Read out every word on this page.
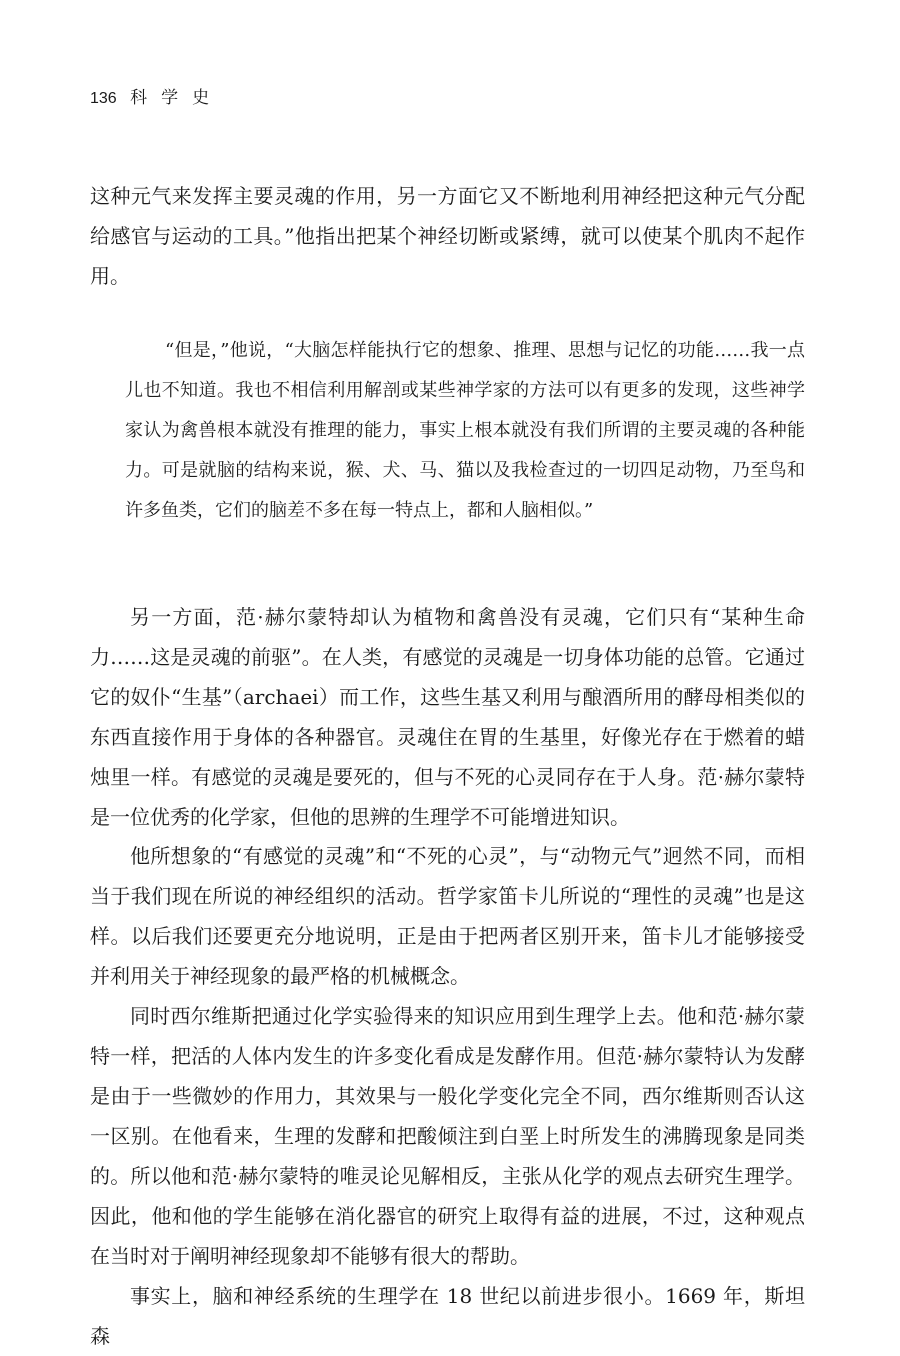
136 科学史

这种元气来发挥主要灵魂的作用，另一方面它又不断地利用神经把这种元气分配给感官与运动的工具。”他指出把某个神经切断或紧缚，就可以使某个肌肉不起作用。

“但是，”他说，“大脑怎样能执行它的想象、推理、思想与记忆的功能……我一点儿也不知道。我也不相信利用解剖或某些神学家的方法可以有更多的发现，这些神学家认为禽兽根本就没有推理的能力，事实上根本就没有我们所谓的主要灵魂的各种能力。可是就脑的结构来说，猴、犬、马、猫以及我检查过的一切四足动物，乃至鸟和许多鱼类，它们的脑差不多在每一特点上，都和人脑相似。”

另一方面，范·赫尔蒙特却认为植物和禽兽没有灵魂，它们只有“某种生命力……这是灵魂的前驱”。在人类，有感觉的灵魂是一切身体功能的总管。它通过它的奴仆“生基”（archaei）而工作，这些生基又利用与酿酒所用的酵母相类似的东西直接作用于身体的各种器官。灵魂住在胃的生基里，好像光存在于燃着的蜡烛里一样。有感觉的灵魂是要死的，但与不死的心灵同存在于人身。范·赫尔蒙特是一位优秀的化学家，但他的思辨的生理学不可能增进知识。

他所想象的“有感觉的灵魂”和“不死的心灵”，与“动物元气”迥然不同，而相当于我们现在所说的神经组织的活动。哲学家笛卡儿所说的“理性的灵魂”也是这样。以后我们还要更充分地说明，正是由于把两者区别开来，笛卡儿才能够接受并利用关于神经现象的最严格的机械概念。

同时西尔维斯把通过化学实验得来的知识应用到生理学上去。他和范·赫尔蒙特一样，把活的人体内发生的许多变化看成是发酵作用。但范·赫尔蒙特认为发酵是由于一些微妙的作用力，其效果与一般化学变化完全不同，西尔维斯则否认这一区别。在他看来，生理的发酵和把酸倾注到白垩上时所发生的沸腾现象是同类的。所以他和范·赫尔蒙特的唯灵论见解相反，主张从化学的观点去研究生理学。因此，他和他的学生能够在消化器官的研究上取得有益的进展，不过，这种观点在当时对于阐明神经现象却不能够有很大的帮助。

事实上，脑和神经系统的生理学在 18 世纪以前进步很小。1669 年，斯坦森
